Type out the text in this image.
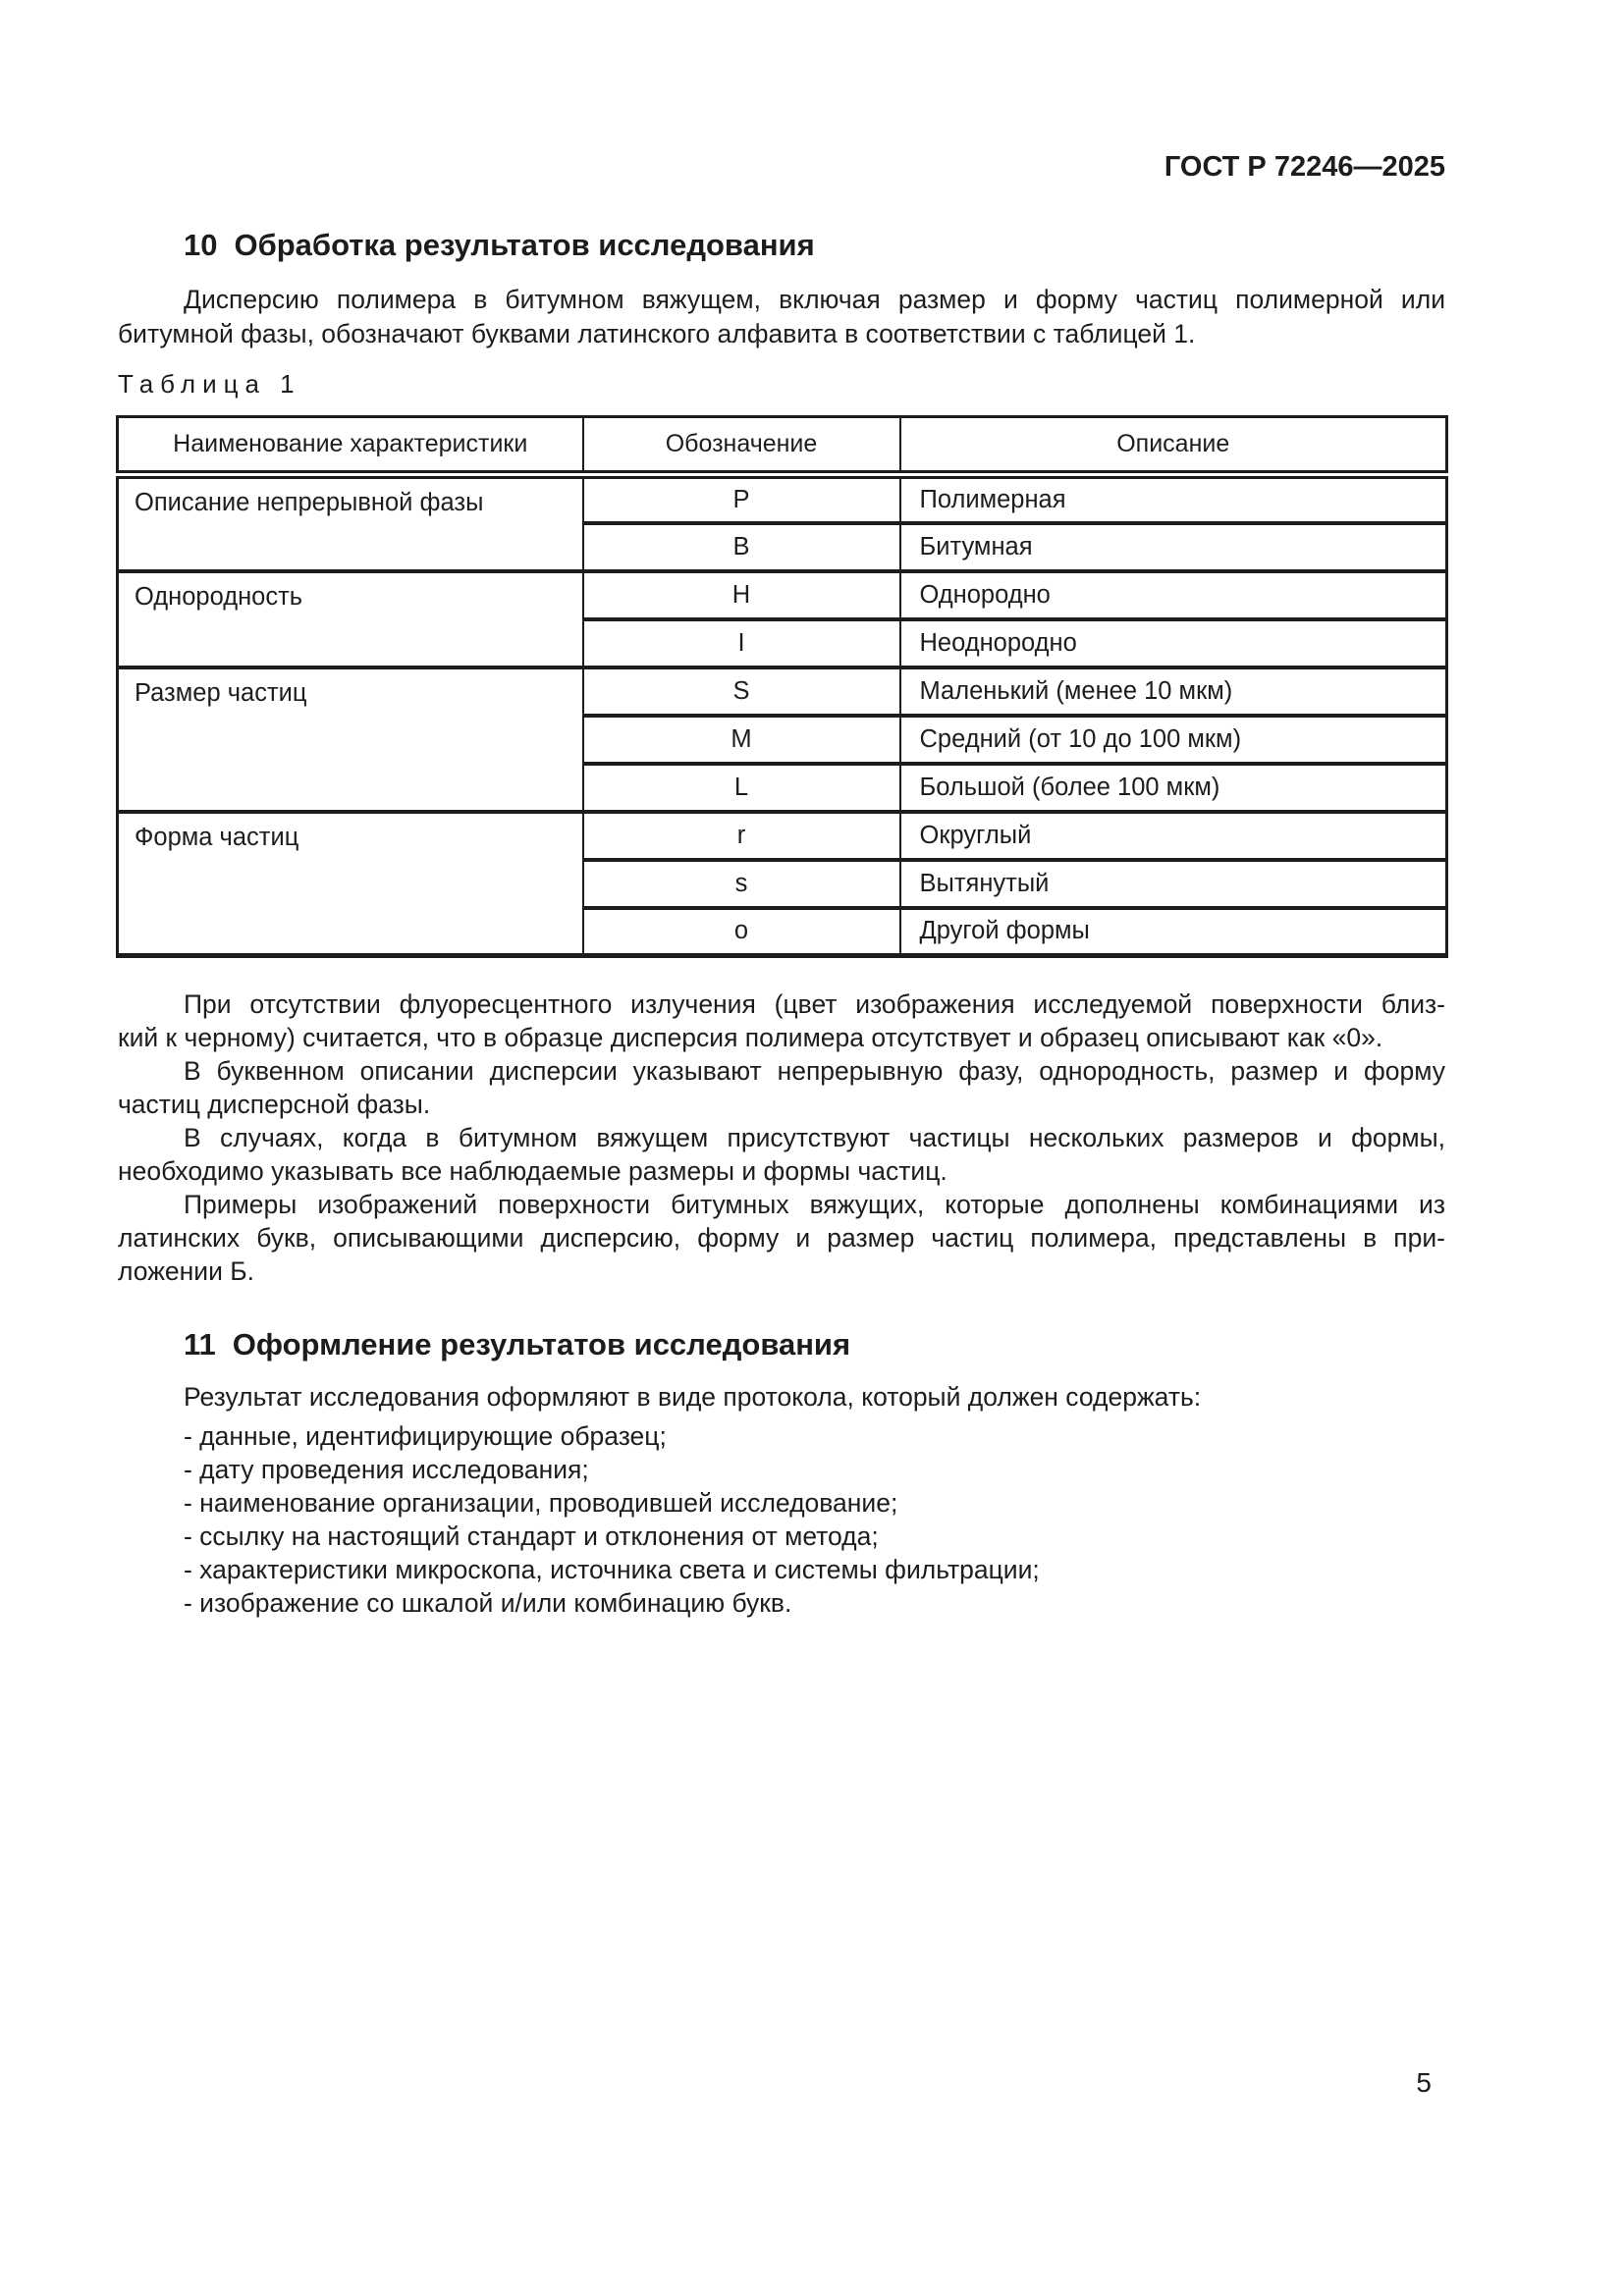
ГОСТ Р 72246—2025
10 Обработка результатов исследования
Дисперсию полимера в битумном вяжущем, включая размер и форму частиц полимерной или
битумной фазы, обозначают буквами латинского алфавита в соответствии с таблицей 1.
Таблица 1
Наименование характеристики	Обозначение	Описание
Описание непрерывной фазы	P	Полимерная
	B	Битумная
Однородность	H	Однородно
	I	Неоднородно
Размер частиц	S	Маленький (менее 10 мкм)
	M	Средний (от 10 до 100 мкм)
	L	Большой (более 100 мкм)
Форма частиц	r	Округлый
	s	Вытянутый
	o	Другой формы
При отсутствии флуоресцентного излучения (цвет изображения исследуемой поверхности близ-
кий к черному) считается, что в образце дисперсия полимера отсутствует и образец описывают как «0».
В буквенном описании дисперсии указывают непрерывную фазу, однородность, размер и форму
частиц дисперсной фазы.
В случаях, когда в битумном вяжущем присутствуют частицы нескольких размеров и формы,
необходимо указывать все наблюдаемые размеры и формы частиц.
Примеры изображений поверхности битумных вяжущих, которые дополнены комбинациями из
латинских букв, описывающими дисперсию, форму и размер частиц полимера, представлены в при-
ложении Б.
11 Оформление результатов исследования
Результат исследования оформляют в виде протокола, который должен содержать:
- данные, идентифицирующие образец;
- дату проведения исследования;
- наименование организации, проводившей исследование;
- ссылку на настоящий стандарт и отклонения от метода;
- характеристики микроскопа, источника света и системы фильтрации;
- изображение со шкалой и/или комбинацию букв.
5
